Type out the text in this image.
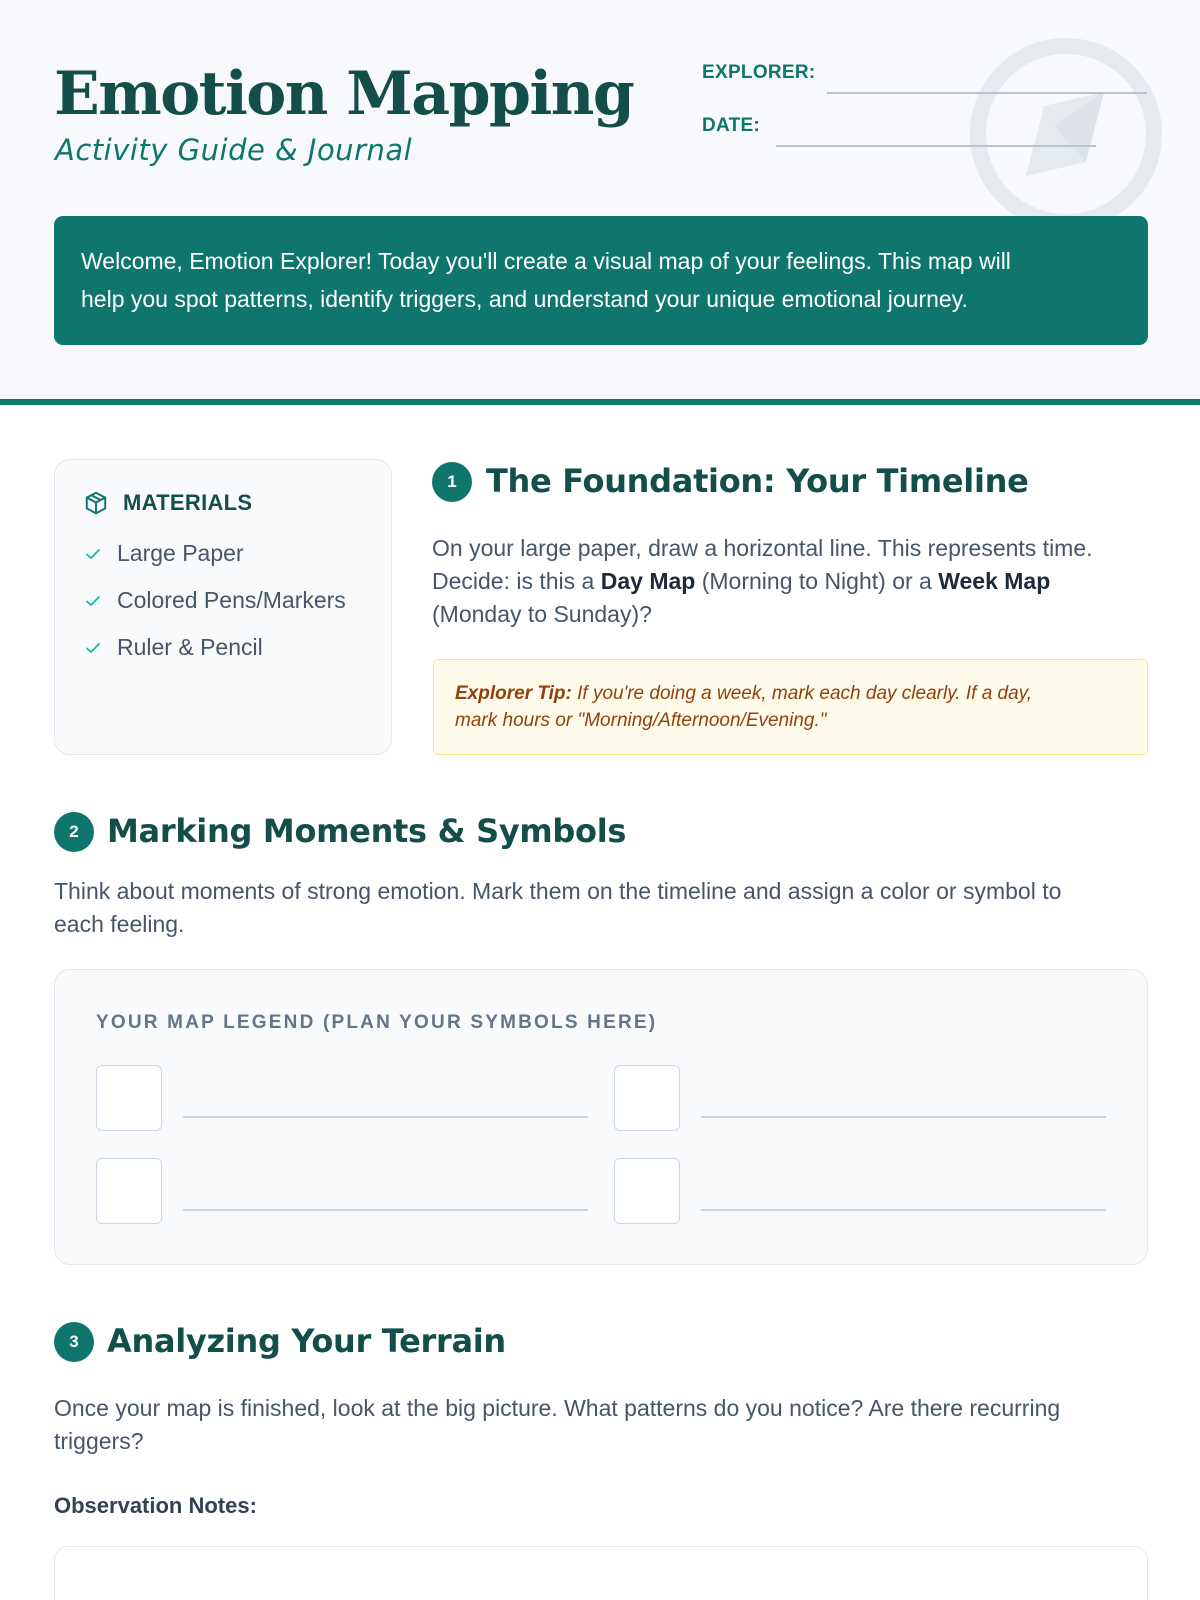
Emotion Mapping
Activity Guide & Journal
EXPLORER:
DATE:
Welcome, Emotion Explorer! Today you'll create a visual map of your feelings. This map will
help you spot patterns, identify triggers, and understand your unique emotional journey.
MATERIALS
Large Paper
Colored Pens/Markers
Ruler & Pencil
1 The Foundation: Your Timeline
On your large paper, draw a horizontal line. This represents time.
Decide: is this a Day Map (Morning to Night) or a Week Map
(Monday to Sunday)?
Explorer Tip: If you're doing a week, mark each day clearly. If a day,
mark hours or "Morning/Afternoon/Evening."
2 Marking Moments & Symbols
Think about moments of strong emotion. Mark them on the timeline and assign a color or symbol to
each feeling.
YOUR MAP LEGEND (PLAN YOUR SYMBOLS HERE)
3 Analyzing Your Terrain
Once your map is finished, look at the big picture. What patterns do you notice? Are there recurring
triggers?
Observation Notes:
